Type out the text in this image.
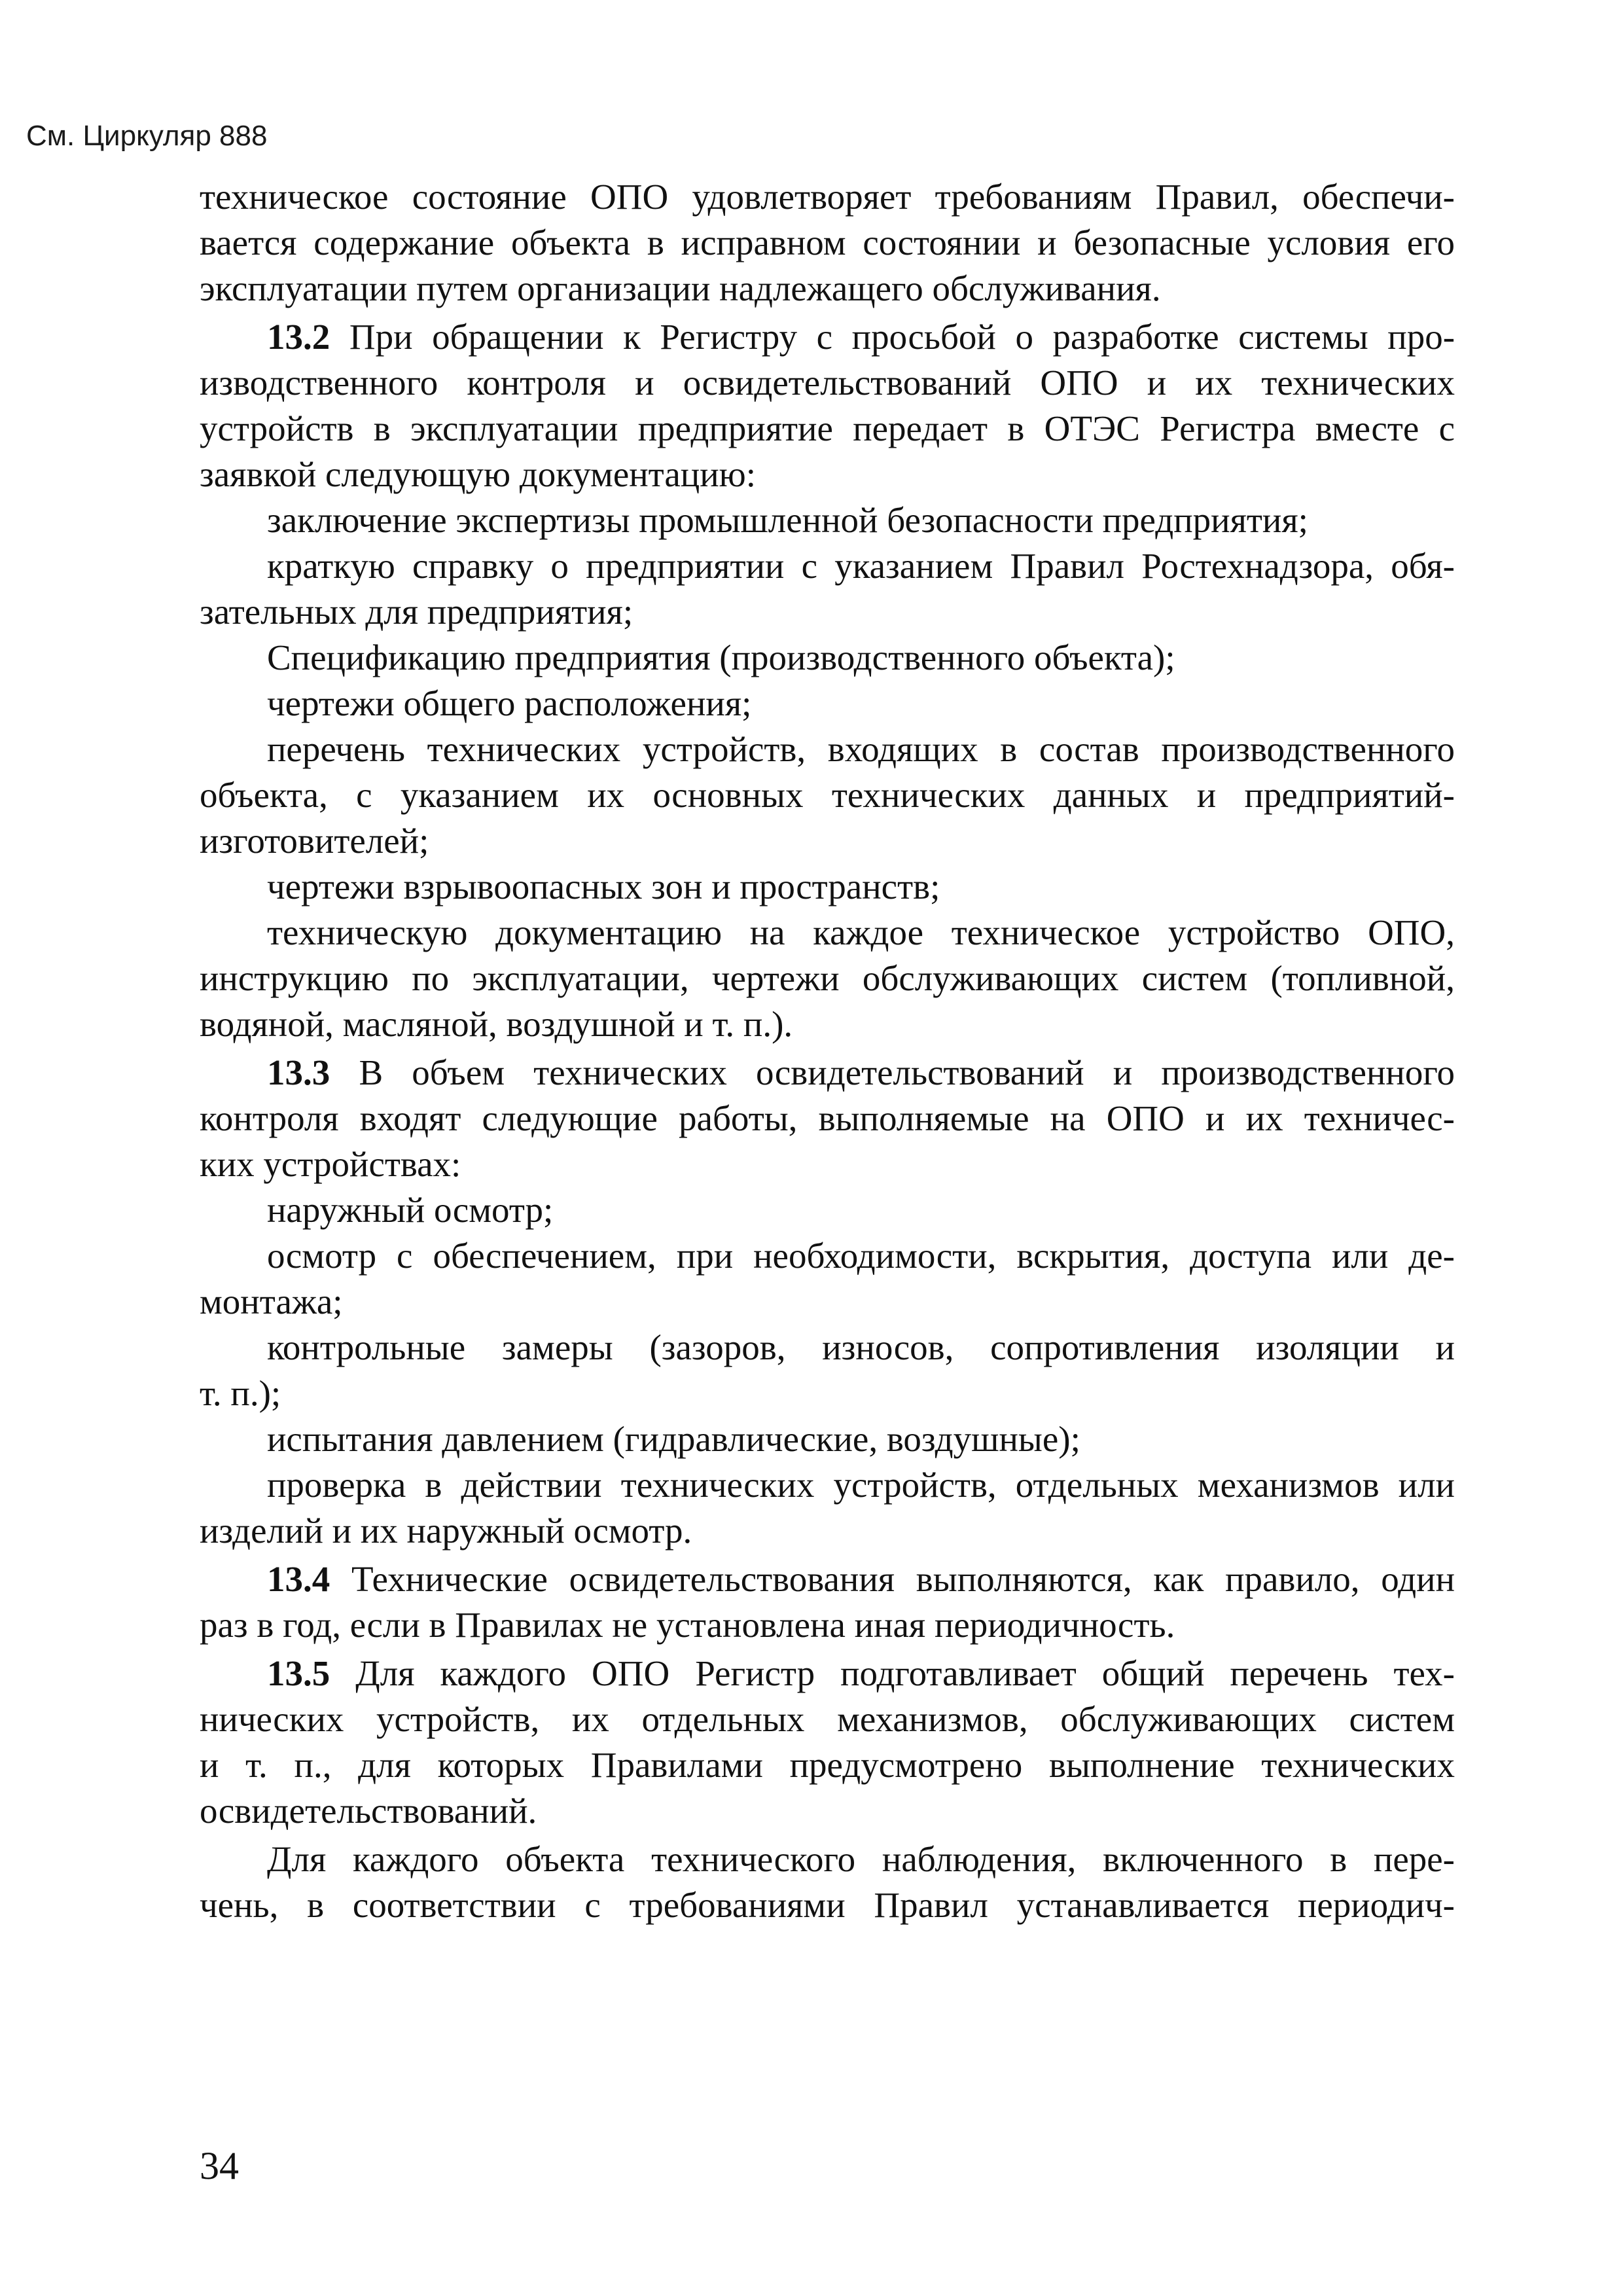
См. Циркуляр 888
техническое состояние ОПО удовлетворяет требованиям Правил, обеспечи-
вается содержание объекта в исправном состоянии и безопасные условия его
эксплуатации путем организации надлежащего обслуживания.
13.2 При обращении к Регистру с просьбой о разработке системы про-
изводственного контроля и освидетельствований ОПО и их технических
устройств в эксплуатации предприятие передает в ОТЭС Регистра вместе с
заявкой следующую документацию:
заключение экспертизы промышленной безопасности предприятия;
краткую справку о предприятии с указанием Правил Ростехнадзора, обя-
зательных для предприятия;
Спецификацию предприятия (производственного объекта);
чертежи общего расположения;
перечень технических устройств, входящих в состав производственного
объекта, с указанием их основных технических данных и предприятий-
изготовителей;
чертежи взрывоопасных зон и пространств;
техническую документацию на каждое техническое устройство ОПО,
инструкцию по эксплуатации, чертежи обслуживающих систем (топливной,
водяной, масляной, воздушной и т. п.).
13.3 В объем технических освидетельствований и производственного
контроля входят следующие работы, выполняемые на ОПО и их техничес-
ких устройствах:
наружный осмотр;
осмотр с обеспечением, при необходимости, вскрытия, доступа или де-
монтажа;
контрольные замеры (зазоров, износов, сопротивления изоляции и
т. п.);
испытания давлением (гидравлические, воздушные);
проверка в действии технических устройств, отдельных механизмов или
изделий и их наружный осмотр.
13.4 Технические освидетельствования выполняются, как правило, один
раз в год, если в Правилах не установлена иная периодичность.
13.5 Для каждого ОПО Регистр подготавливает общий перечень тех-
нических устройств, их отдельных механизмов, обслуживающих систем
и т. п., для которых Правилами предусмотрено выполнение технических
освидетельствований.
Для каждого объекта технического наблюдения, включенного в пере-
чень, в соответствии с требованиями Правил устанавливается периодич-
34
